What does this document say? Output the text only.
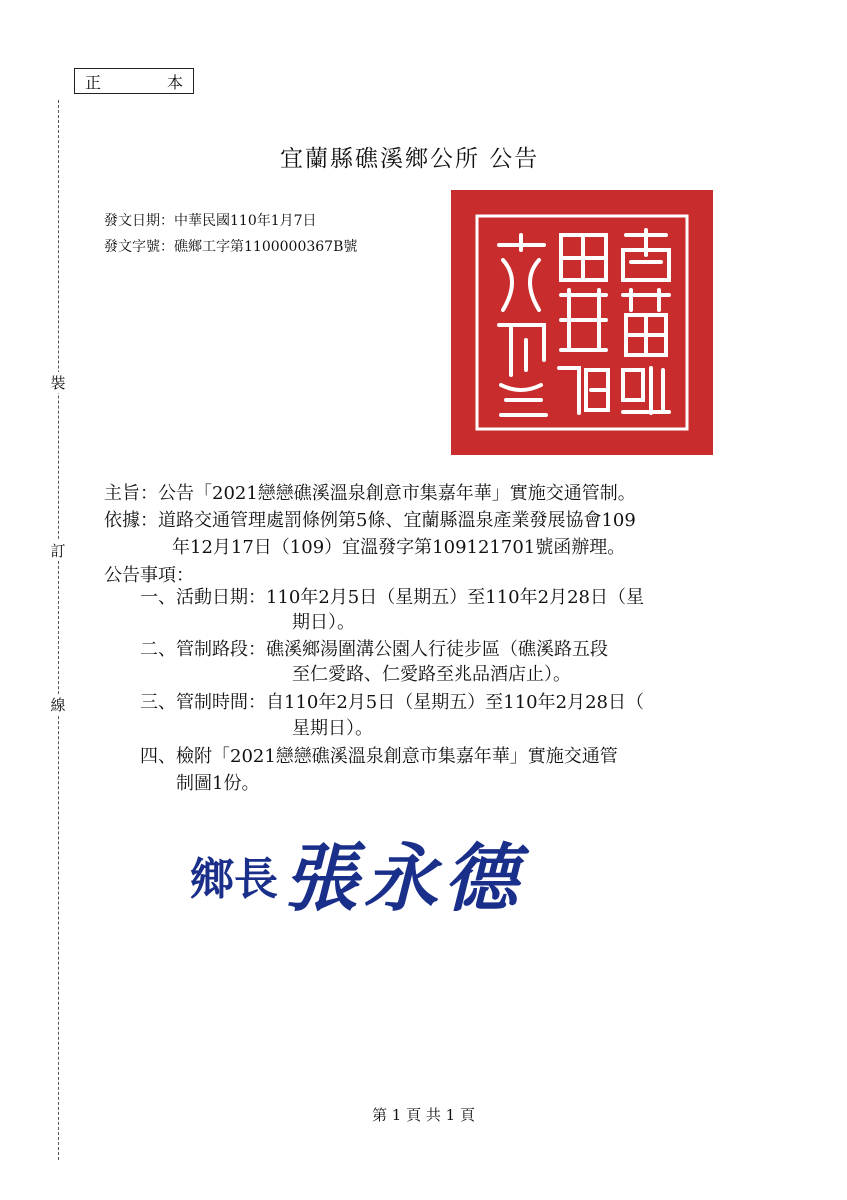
正	本
裝
訂
線
宜蘭縣礁溪鄉公所 公告
發文日期：中華民國110年1月7日
發文字號：礁鄉工字第1100000367B號
主旨：公告「2021戀戀礁溪溫泉創意市集嘉年華」實施交通管制。
依據：道路交通管理處罰條例第5條、宜蘭縣溫泉產業發展協會109
年12月17日（109）宜溫發字第109121701號函辦理。
公告事項：
一、活動日期：110年2月5日（星期五）至110年2月28日（星
期日）。
二、管制路段：礁溪鄉湯圍溝公園人行徒步區（礁溪路五段
至仁愛路、仁愛路至兆品酒店止）。
三、管制時間：自110年2月5日（星期五）至110年2月28日（
星期日）。
四、檢附「2021戀戀礁溪溫泉創意市集嘉年華」實施交通管
制圖1份。
鄉長 張永德
第 1 頁 共 1 頁
